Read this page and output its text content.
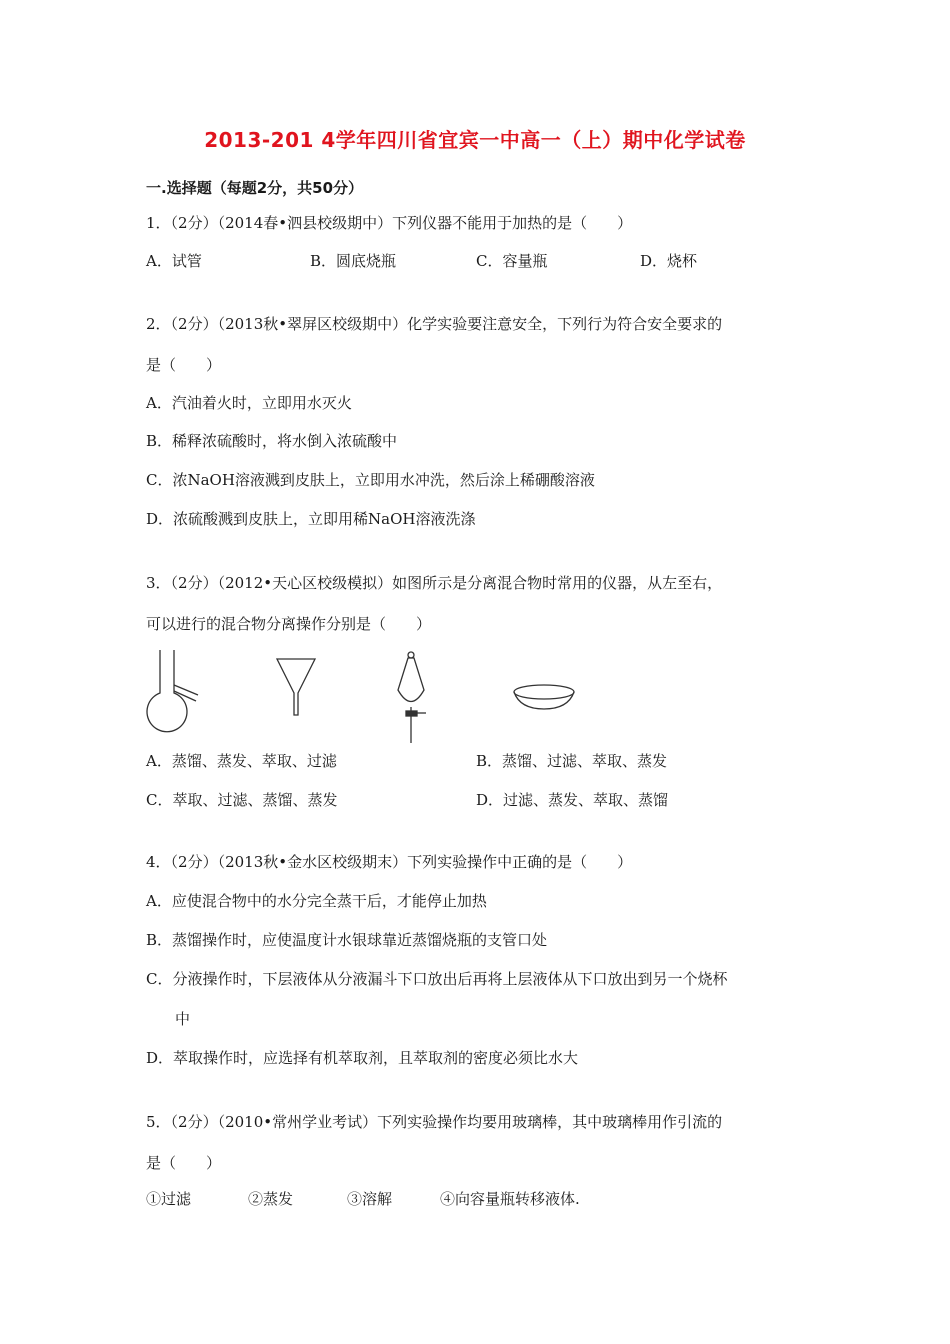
2013-201 4学年四川省宜宾一中高一（上）期中化学试卷
一.选择题（每题2分，共50分）
1．（2分）（2014春•泗县校级期中）下列仪器不能用于加热的是（　　）
A．试管	B．圆底烧瓶	C．容量瓶	D．烧杯
2．（2分）（2013秋•翠屏区校级期中）化学实验要注意安全，下列行为符合安全要求的
是（　　）
A．汽油着火时，立即用水灭火
B．稀释浓硫酸时，将水倒入浓硫酸中
C．浓NaOH溶液溅到皮肤上，立即用水冲洗，然后涂上稀硼酸溶液
D．浓硫酸溅到皮肤上，立即用稀NaOH溶液洗涤
3．（2分）（2012•天心区校级模拟）如图所示是分离混合物时常用的仪器，从左至右，
可以进行的混合物分离操作分别是（　　）
A．蒸馏、蒸发、萃取、过滤	B．蒸馏、过滤、萃取、蒸发
C．萃取、过滤、蒸馏、蒸发	D．过滤、蒸发、萃取、蒸馏
4．（2分）（2013秋•金水区校级期末）下列实验操作中正确的是（　　）
A．应使混合物中的水分完全蒸干后，才能停止加热
B．蒸馏操作时，应使温度计水银球靠近蒸馏烧瓶的支管口处
C．分液操作时，下层液体从分液漏斗下口放出后再将上层液体从下口放出到另一个烧杯
中
D．萃取操作时，应选择有机萃取剂，且萃取剂的密度必须比水大
5．（2分）（2010•常州学业考试）下列实验操作均要用玻璃棒，其中玻璃棒用作引流的
是（　　）
①过滤	②蒸发	③溶解	④向容量瓶转移液体.
